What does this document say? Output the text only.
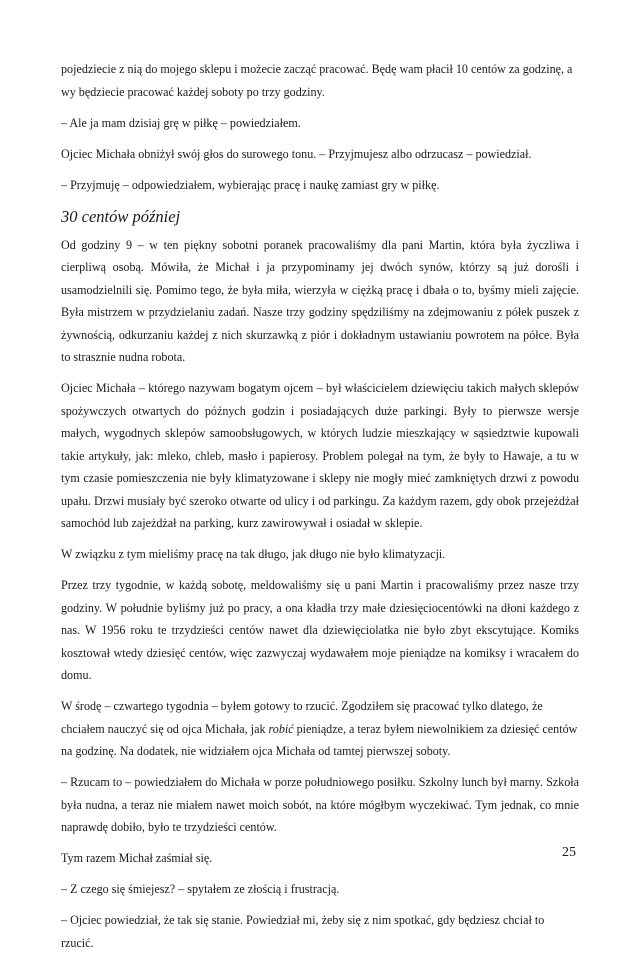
pojedziecie z nią do mojego sklepu i możecie zacząć pracować. Będę wam płacił 10 centów za godzinę, a wy będziecie pracować każdej soboty po trzy godziny.

– Ale ja mam dzisiaj grę w piłkę – powiedziałem.

Ojciec Michała obniżył swój głos do surowego tonu. – Przyjmujesz albo odrzucasz – powiedział.

– Przyjmuję – odpowiedziałem, wybierając pracę i naukę zamiast gry w piłkę.

30 centów później

Od godziny 9 – w ten piękny sobotni poranek pracowaliśmy dla pani Martin, która była życzliwa i cierpliwą osobą. Mówiła, że Michał i ja przypominamy jej dwóch synów, którzy są już dorośli i usamodzielnili się. Pomimo tego, że była miła, wierzyła w ciężką pracę i dbała o to, byśmy mieli zajęcie. Była mistrzem w przydzielaniu zadań. Nasze trzy godziny spędziliśmy na zdejmowaniu z półek puszek z żywnością, odkurzaniu każdej z nich skurzawką z piór i dokładnym ustawianiu powrotem na półce. Była to strasznie nudna robota.

Ojciec Michała – którego nazywam bogatym ojcem – był właścicielem dziewięciu takich małych sklepów spożywczych otwartych do późnych godzin i posiadających duże parkingi. Były to pierwsze wersje małych, wygodnych sklepów samoobsługowych, w których ludzie mieszkający w sąsiedztwie kupowali takie artykuły, jak: mleko, chleb, masło i papierosy. Problem polegał na tym, że były to Hawaje, a tu w tym czasie pomieszczenia nie były klimatyzowane i sklepy nie mogły mieć zamkniętych drzwi z powodu upału. Drzwi musiały być szeroko otwarte od ulicy i od parkingu. Za każdym razem, gdy obok przejeżdżał samochód lub zajeżdżał na parking, kurz zawirowywał i osiadał w sklepie.

W związku z tym mieliśmy pracę na tak długo, jak długo nie było klimatyzacji.

Przez trzy tygodnie, w każdą sobotę, meldowaliśmy się u pani Martin i pracowaliśmy przez nasze trzy godziny. W południe byliśmy już po pracy, a ona kładła trzy małe dziesięciocentówki na dłoni każdego z nas. W 1956 roku te trzydzieści centów nawet dla dziewięciolatka nie było zbyt ekscytujące. Komiks kosztował wtedy dziesięć centów, więc zazwyczaj wydawałem moje pieniądze na komiksy i wracałem do domu.

W środę – czwartego tygodnia – byłem gotowy to rzucić. Zgodziłem się pracować tylko dlatego, że chciałem nauczyć się od ojca Michała, jak robić pieniądze, a teraz byłem niewolnikiem za dziesięć centów na godzinę. Na dodatek, nie widziałem ojca Michała od tamtej pierwszej soboty.

– Rzucam to – powiedziałem do Michała w porze południowego posiłku. Szkolny lunch był marny. Szkoła była nudna, a teraz nie miałem nawet moich sobót, na które mógłbym wyczekiwać. Tym jednak, co mnie naprawdę dobiło, było te trzydzieści centów.

Tym razem Michał zaśmiał się.

– Z czego się śmiejesz? – spytałem ze złością i frustracją.

– Ojciec powiedział, że tak się stanie. Powiedział mi, żeby się z nim spotkać, gdy będziesz chciał to rzucić.

25
